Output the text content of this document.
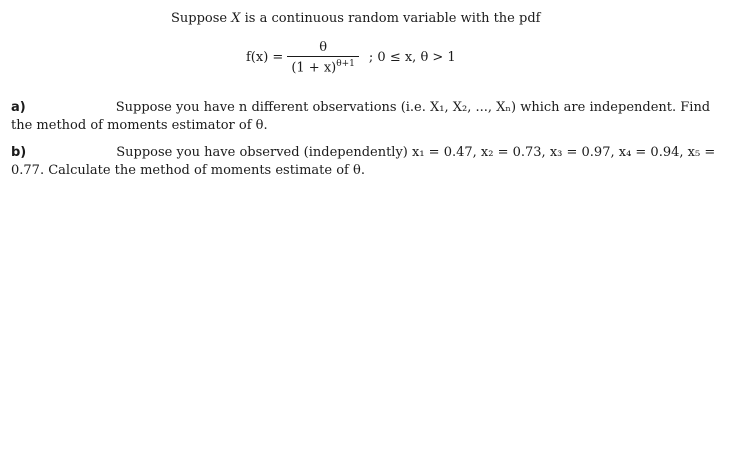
Suppose X is a continuous random variable with the pdf
$f(x) = \frac{\theta}{(1 + x)^{\theta+1}}$ ; 0 ≤ x, θ > 1
a)	Suppose you have n different observations (i.e. X₁, X₂, ..., Xₙ) which are independent. Find
the method of moments estimator of θ.
b)	Suppose you have observed (independently) x₁ = 0.47, x₂ = 0.73, x₃ = 0.97, x₄ = 0.94, x₅ =
0.77. Calculate the method of moments estimate of θ.
